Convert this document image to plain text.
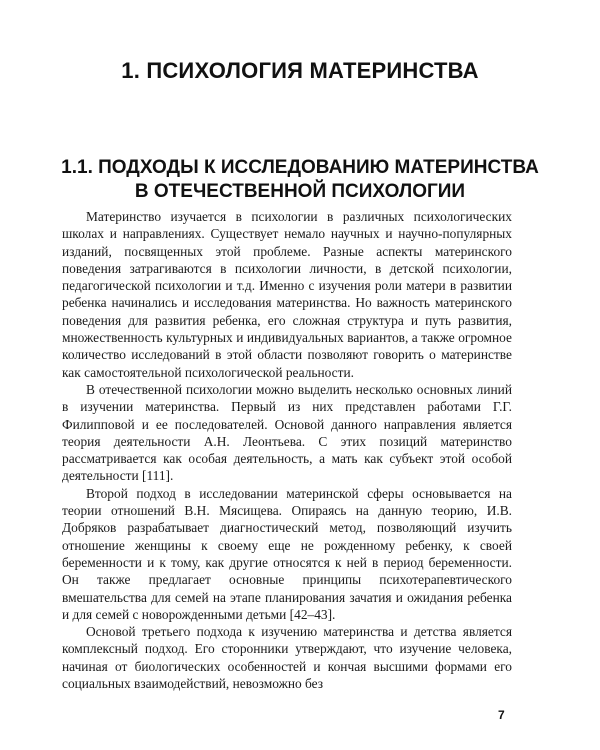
1. ПСИХОЛОГИЯ МАТЕРИНСТВА
1.1. ПОДХОДЫ К ИССЛЕДОВАНИЮ МАТЕРИНСТВА
В ОТЕЧЕСТВЕННОЙ ПСИХОЛОГИИ

Материнство изучается в психологии в различных психологических школах и направлениях. Существует немало научных и научно-популярных изданий, посвященных этой проблеме. Разные аспекты материнского поведения затрагиваются в психологии личности, в детской психологии, педагогической психологии и т.д. Именно с изучения роли матери в развитии ребенка начинались и исследования материнства. Но важность материнского поведения для развития ребенка, его сложная структура и путь развития, множественность культурных и индивидуальных вариантов, а также огромное количество исследований в этой области позволяют говорить о материнстве как самостоятельной психологической реальности.

В отечественной психологии можно выделить несколько основных линий в изучении материнства. Первый из них представлен работами Г.Г. Филипповой и ее последователей. Основой данного направления является теория деятельности А.Н. Леонтьева. С этих позиций материнство рассматривается как особая деятельность, а мать как субъект этой особой деятельности [111].

Второй подход в исследовании материнской сферы основывается на теории отношений В.Н. Мясищева. Опираясь на данную теорию, И.В. Добряков разрабатывает диагностический метод, позволяющий изучить отношение женщины к своему еще не рожденному ребенку, к своей беременности и к тому, как другие относятся к ней в период беременности. Он также предлагает основные принципы психотерапевтического вмешательства для семей на этапе планирования зачатия и ожидания ребенка и для семей с новорожденными детьми [42–43].

Основой третьего подхода к изучению материнства и детства является комплексный подход. Его сторонники утверждают, что изучение человека, начиная от биологических особенностей и кончая высшими формами его социальных взаимодействий, невозможно без

7
